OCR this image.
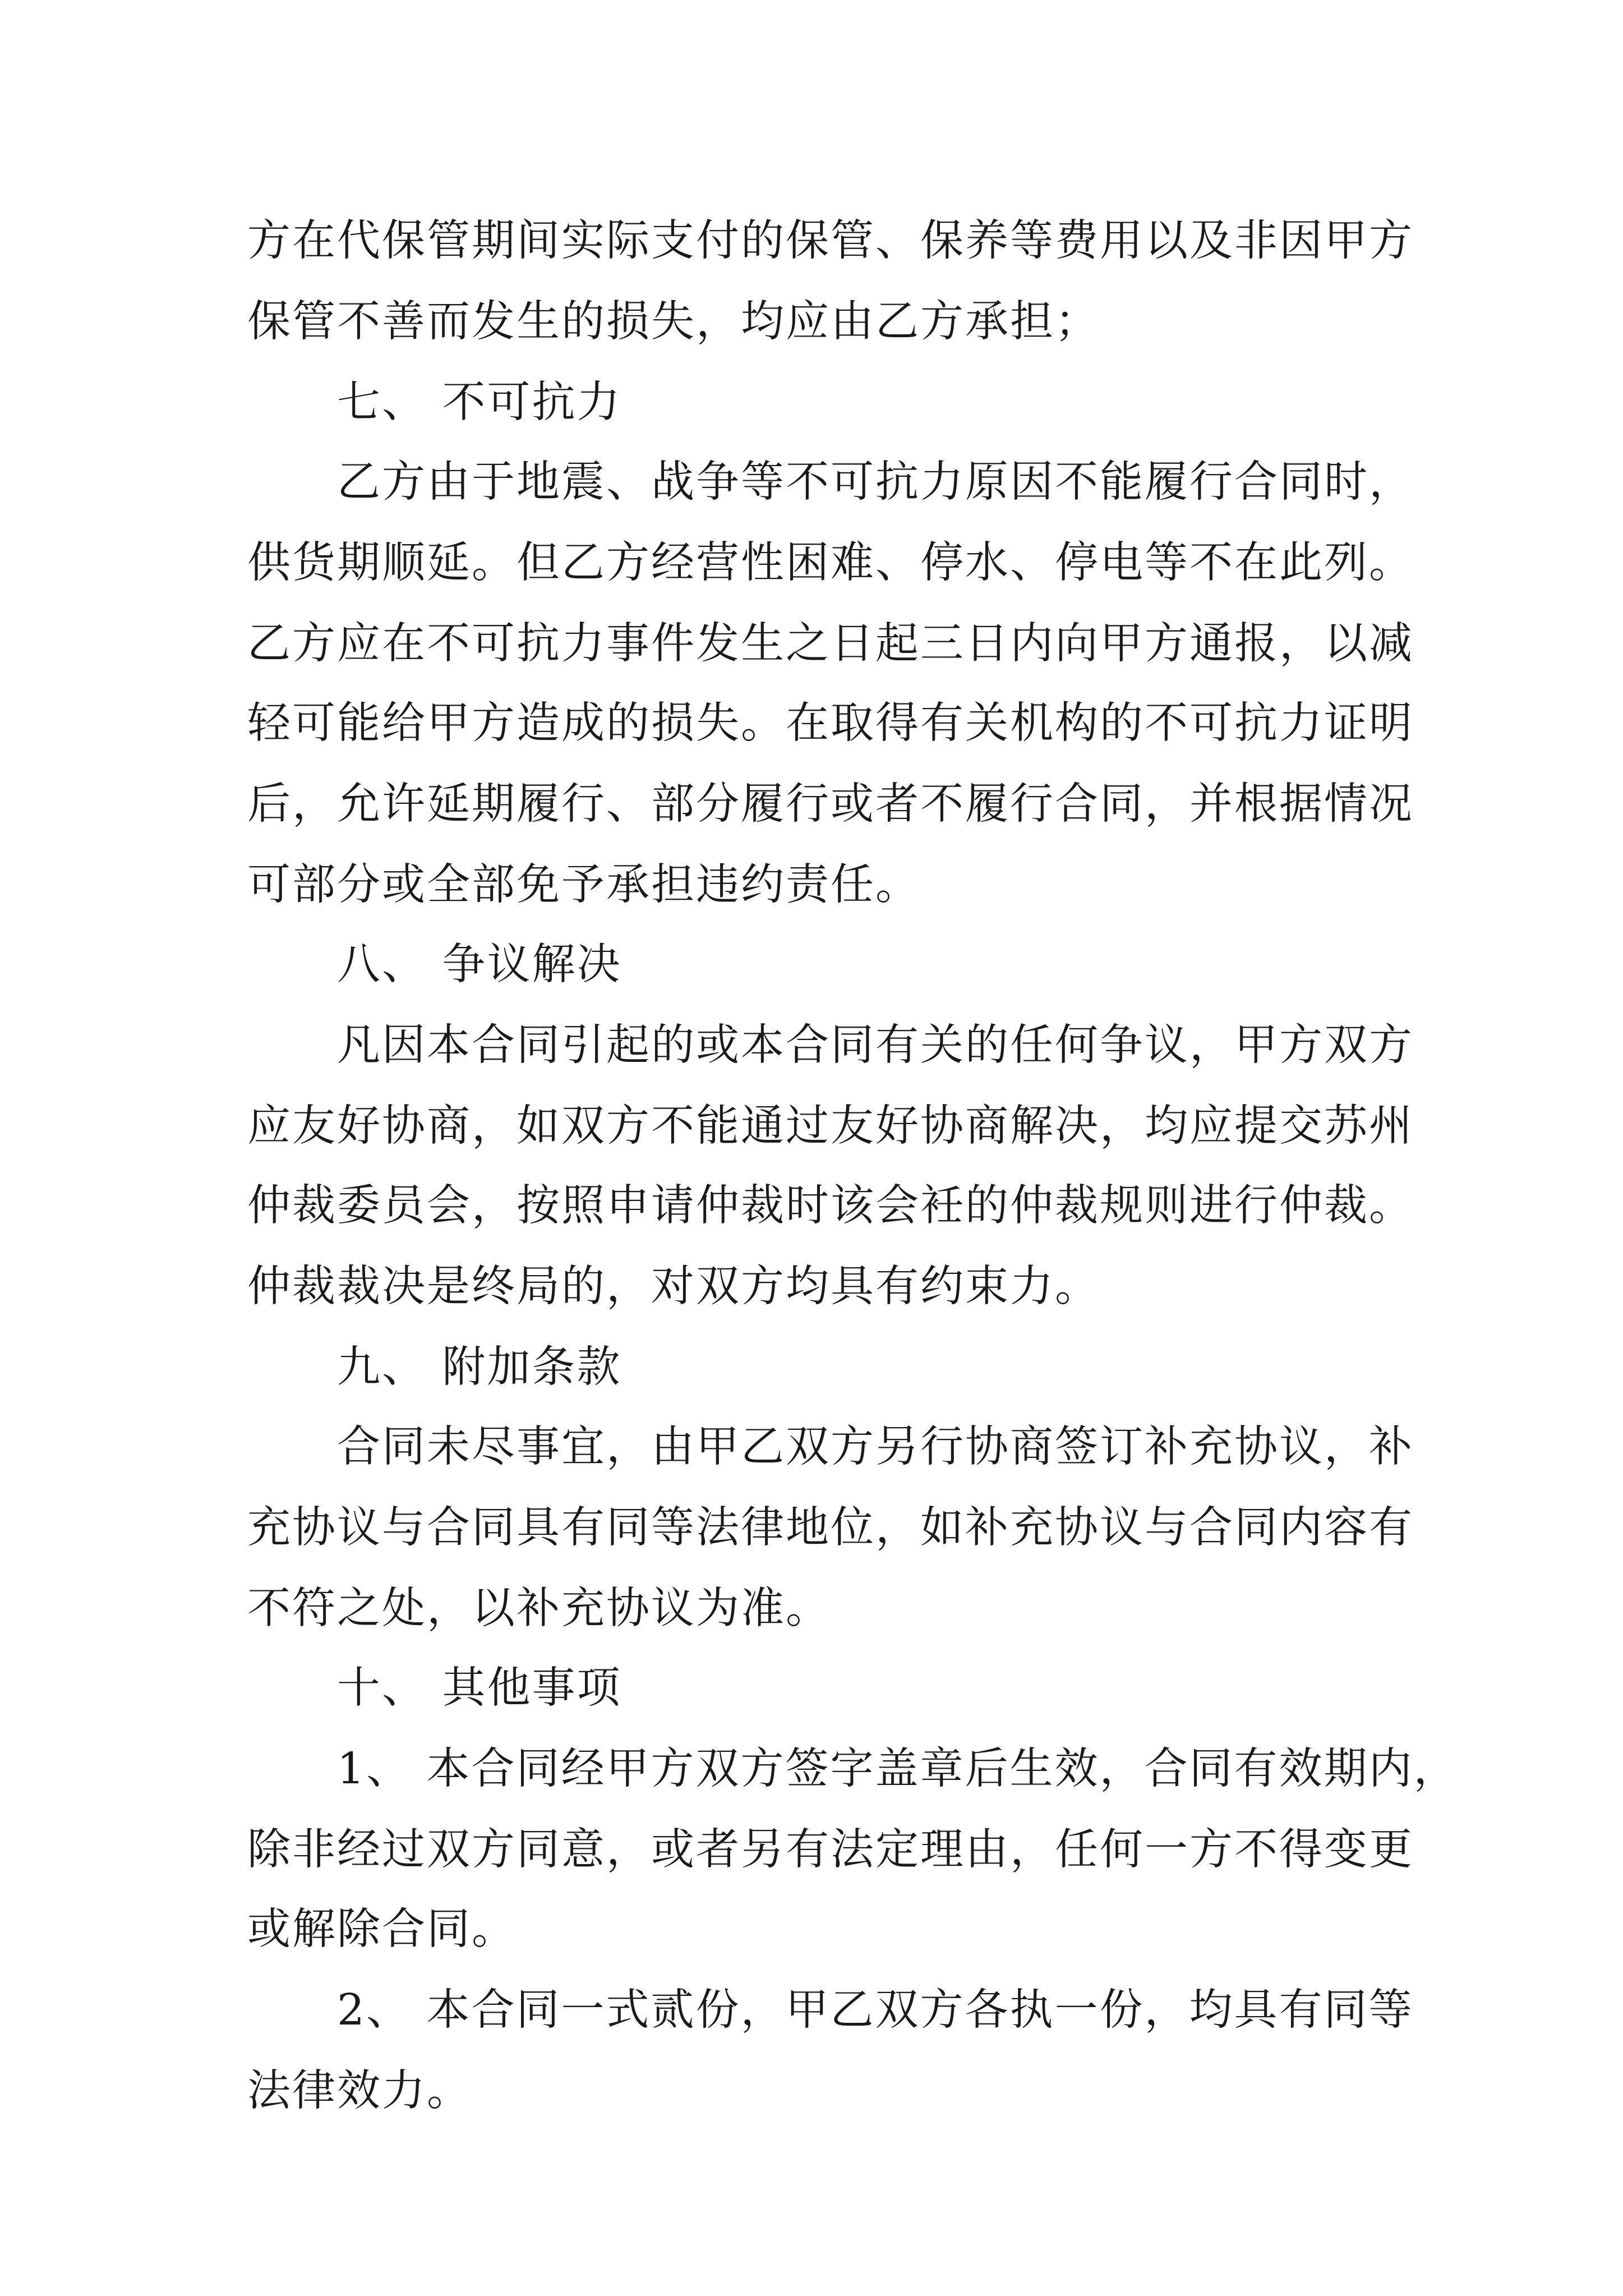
方在代保管期间实际支付的保管、保养等费用以及非因甲方
保管不善而发生的损失，均应由乙方承担；
七、 不可抗力
乙方由于地震、战争等不可抗力原因不能履行合同时，
供货期顺延。但乙方经营性困难、停水、停电等不在此列。
乙方应在不可抗力事件发生之日起三日内向甲方通报，以减
轻可能给甲方造成的损失。在取得有关机构的不可抗力证明
后，允许延期履行、部分履行或者不履行合同，并根据情况
可部分或全部免予承担违约责任。
八、 争议解决
凡因本合同引起的或本合同有关的任何争议，甲方双方
应友好协商，如双方不能通过友好协商解决，均应提交苏州
仲裁委员会，按照申请仲裁时该会衽的仲裁规则进行仲裁。
仲裁裁决是终局的，对双方均具有约束力。
九、 附加条款
合同未尽事宜，由甲乙双方另行协商签订补充协议，补
充协议与合同具有同等法律地位，如补充协议与合同内容有
不符之处，以补充协议为准。
十、 其他事项
1、 本合同经甲方双方签字盖章后生效，合同有效期内，
除非经过双方同意，或者另有法定理由，任何一方不得变更
或解除合同。
2、 本合同一式贰份，甲乙双方各执一份，均具有同等
法律效力。
